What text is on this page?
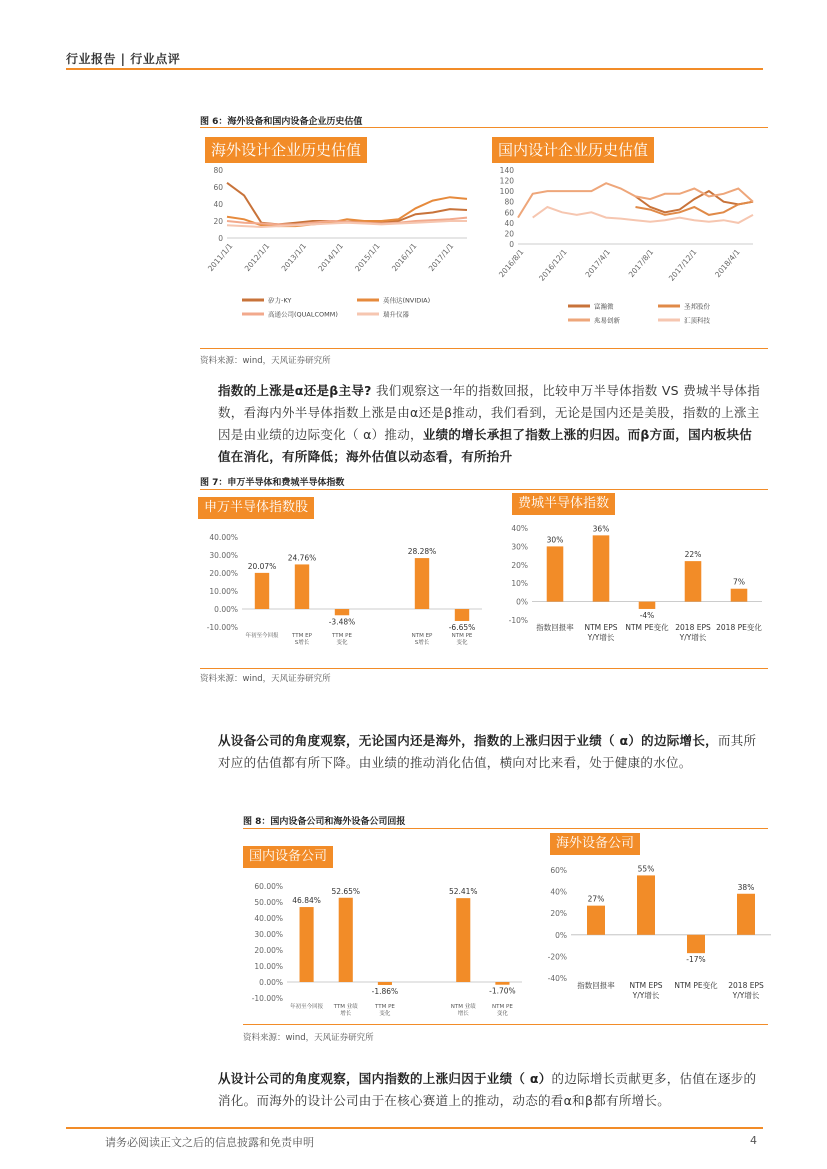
行业报告 | 行业点评
图 6：海外设备和国内设备企业历史估值
海外设计企业历史估值	国内设计企业历史估值
0
20
40
60
80
2011/1/1 2012/1/1 2013/1/1 2014/1/1 2015/1/1 2016/1/1 2017/1/1
矽力-KY	英伟达(NVIDIA)
高通公司(QUALCOMM)	瑞升仪器
0
20
40
60
80
100
120
140
2016/8/1 2016/12/1 2017/4/1 2017/8/1 2017/12/1 2018/4/1
富瀚微	圣邦股份
兆易创新	汇顶科技
资料来源：wind，天风证券研究所
指数的上涨是α还是β主导? 我们观察这一年的指数回报，比较申万半导体指数 VS 费城半导体指数，看海内外半导体指数上涨是由α还是β推动，我们看到，无论是国内还是美股，指数的上涨主因是由业绩的边际变化（ α）推动，业绩的增长承担了指数上涨的归因。而β方面，国内板块估值在消化，有所降低；海外估值以动态看，有所抬升
图 7：申万半导体和费城半导体指数
申万半导体指数股	费城半导体指数
-10.00%
0.00%
10.00%
20.00%
30.00%
40.00%
20.07%
年初至今回报
24.76%
TTM EP
S增长
-3.48%
TTM PE
变化
28.28%
NTM EP
S增长
-6.65%
NTM PE
变化
-10%
0%
10%
20%
30%
40%
30%
指数回报率
36%
NTM EPS
Y/Y增长
-4%
NTM PE变化
22%
2018 EPS
Y/Y增长
7%
2018 PE变化
资料来源：wind，天风证券研究所
从设备公司的角度观察，无论国内还是海外，指数的上涨归因于业绩（ α）的边际增长，而其所对应的估值都有所下降。由业绩的推动消化估值，横向对比来看，处于健康的水位。
图 8：国内设备公司和海外设备公司回报
国内设备公司
海外设备公司
-10.00%
0.00%
10.00%
20.00%
30.00%
40.00%
50.00%
60.00%
46.84%
年初至今回报
52.65%
TTM 业绩
增长
-1.86%
TTM PE
变化
52.41%
NTM 业绩
增长
-1.70%
NTM PE
变化
-40%
-20%
0%
20%
40%
60%
27%
指数回报率
55%
NTM EPS
Y/Y增长
-17%
NTM PE变化
38%
2018 EPS
Y/Y增长
资料来源：wind，天风证券研究所
从设计公司的角度观察，国内指数的上涨归因于业绩（ α）的边际增长贡献更多，估值在逐步的消化。而海外的设计公司由于在核心赛道上的推动，动态的看α和β都有所增长。
请务必阅读正文之后的信息披露和免责申明	4
